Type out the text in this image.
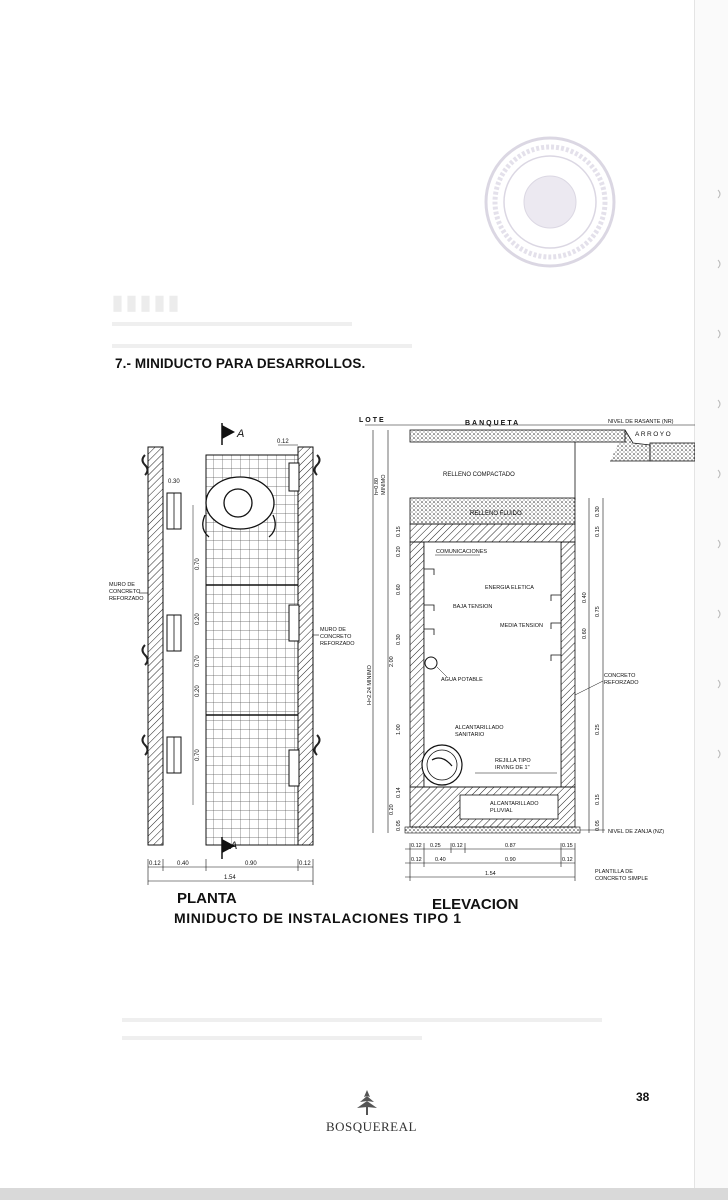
▮▮▮▮▮
7.- MINIDUCTO PARA DESARROLLOS.
A
A
0.12
0.30
0.70
0.20
0.70
0.20
0.70
MURO DE
CONCRETO
REFORZADO
MURO DE
CONCRETO
REFORZADO
0.12	0.40	0.90	0.12
1.54
LOTE	BANQUETA	NIVEL DE RASANTE (NR)
ARROYO
RELLENO COMPACTADO
RELLENO FLUIDO
COMUNICACIONES
ENERGIA ELETICA
BAJA TENSION
MEDIA TENSION
AGUA POTABLE
ALCANTARILLADO
SANITARIO
REJILLA TIPO
IRVING DE 1"
ALCANTARILLADO
PLUVIAL
CONCRETO
REFORZADO
NIVEL DE ZANJA (NZ)
PLANTILLA DE
CONCRETO SIMPLE
H=2.24 MINIMO
h=0.80 MINIMO
0.15
0.20
0.60
0.30
2.00
1.00
0.14
0.20
0.05
0.30
0.15
0.40
0.75
0.60
0.25
0.15
0.05
0.12 0.25 0.12	0.87	0.15
0.12 0.40	0.90	0.12
1.54
PLANTA	ELEVACION
MINIDUCTO DE INSTALACIONES TIPO 1
38
BOSQUEREAL
